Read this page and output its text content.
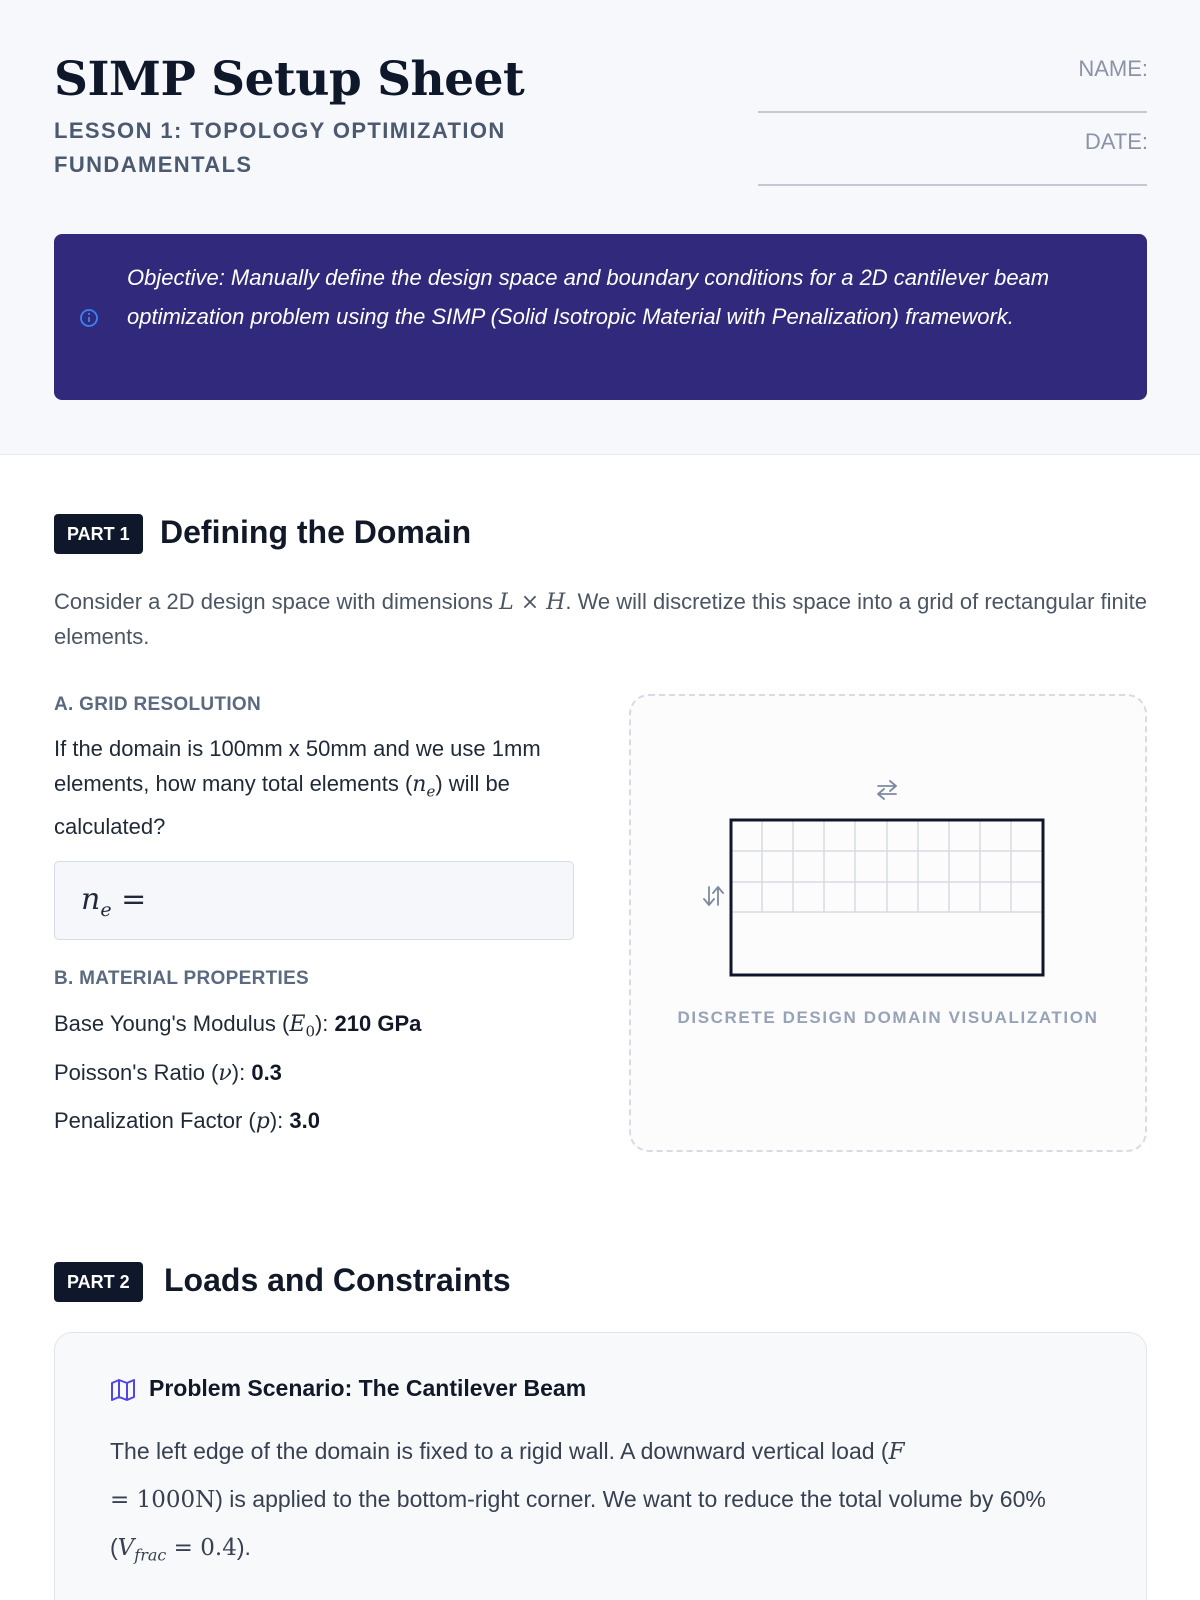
SIMP Setup Sheet
LESSON 1: TOPOLOGY OPTIMIZATION FUNDAMENTALS
NAME:
DATE:
Objective: Manually define the design space and boundary conditions for a 2D cantilever beam optimization problem using the SIMP (Solid Isotropic Material with Penalization) framework.
PART 1 Defining the Domain
Consider a 2D design space with dimensions L × H. We will discretize this space into a grid of rectangular finite elements.
A. GRID RESOLUTION
If the domain is 100mm x 50mm and we use 1mm elements, how many total elements $(n_e)$ will be calculated?
$n_e$ =
B. MATERIAL PROPERTIES
Base Young's Modulus $(E_0)$: 210 GPa
Poisson's Ratio (ν): 0.3
Penalization Factor (p): 3.0
DISCRETE DESIGN DOMAIN VISUALIZATION
PART 2	Loads and Constraints
Problem Scenario: The Cantilever Beam
The left edge of the domain is fixed to a rigid wall. A downward vertical load (F
= 1000N) is applied to the bottom-right corner. We want to reduce the total volume by 60% $(V_{frac} = 0.4)$.
